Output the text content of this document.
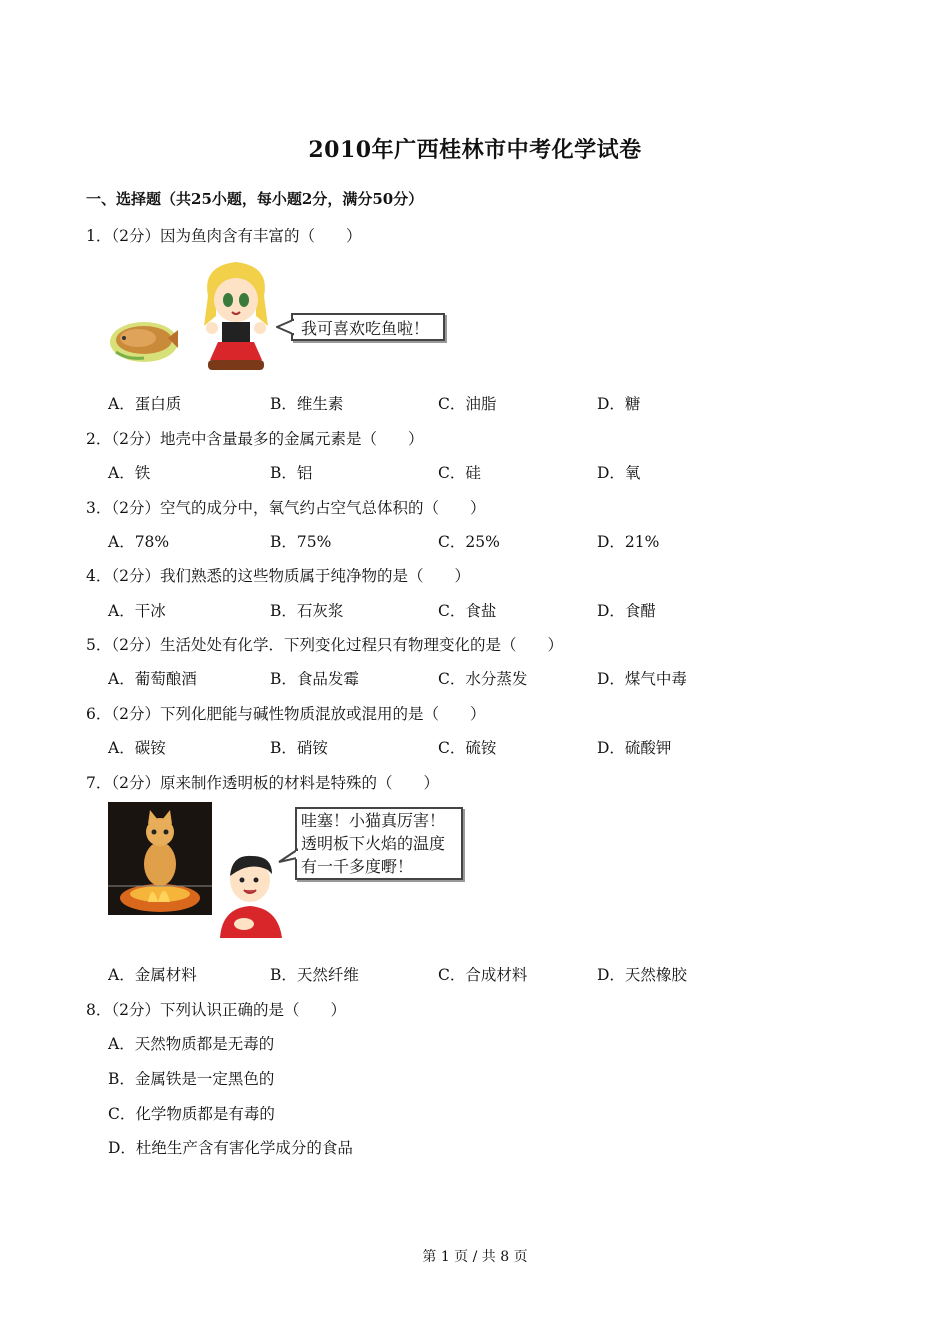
2010年广西桂林市中考化学试卷
一、选择题（共25小题，每小题2分，满分50分）
1．（2分）因为鱼肉含有丰富的（　　）
我可喜欢吃鱼啦！
A．蛋白质	B．维生素	C．油脂	D．糖
2．（2分）地壳中含量最多的金属元素是（　　）
A．铁	B．铝	C．硅	D．氧
3．（2分）空气的成分中，氧气约占空气总体积的（　　）
A．78%	B．75%	C．25%	D．21%
4．（2分）我们熟悉的这些物质属于纯净物的是（　　）
A．干冰	B．石灰浆	C．食盐	D．食醋
5．（2分）生活处处有化学．下列变化过程只有物理变化的是（　　）
A．葡萄酿酒	B．食品发霉	C．水分蒸发	D．煤气中毒
6．（2分）下列化肥能与碱性物质混放或混用的是（　　）
A．碳铵	B．硝铵	C．硫铵	D．硫酸钾
7．（2分）原来制作透明板的材料是特殊的（　　）
哇塞！小猫真厉害！
透明板下火焰的温度
有一千多度嘢！
A．金属材料	B．天然纤维	C．合成材料	D．天然橡胶
8．（2分）下列认识正确的是（　　）
A．天然物质都是无毒的
B．金属铁是一定黑色的
C．化学物质都是有毒的
D．杜绝生产含有害化学成分的食品
第 1 页 / 共 8 页
